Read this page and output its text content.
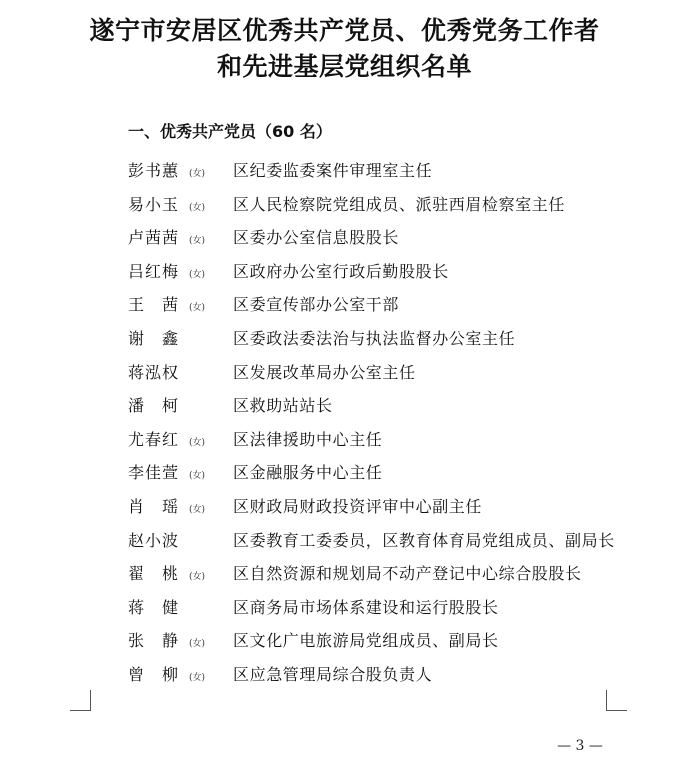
遂宁市安居区优秀共产党员、优秀党务工作者
和先进基层党组织名单
一、优秀共产党员（60 名）
彭书蕙	( 女 ) 区纪委监委案件审理室主任
易小玉	( 女 ) 区人民检察院党组成员、派驻西眉检察室主任
卢茜茜	( 女 ) 区委办公室信息股股长
吕红梅	( 女 ) 区政府办公室行政后勤股股长
王　茜	( 女 ) 区委宣传部办公室干部
谢　鑫	区委政法委法治与执法监督办公室主任
蒋泓权	区发展改革局办公室主任
潘　柯	区救助站站长
尤春红	( 女 ) 区法律援助中心主任
李佳萱	( 女 ) 区金融服务中心主任
肖　瑶	( 女 ) 区财政局财政投资评审中心副主任
赵小波	区委教育工委委员，区教育体育局党组成员、副局长
翟　桃	( 女 ) 区自然资源和规划局不动产登记中心综合股股长
蒋　健	区商务局市场体系建设和运行股股长
张　静	( 女 ) 区文化广电旅游局党组成员、副局长
曾　柳	( 女 ) 区应急管理局综合股负责人
— 3 —
